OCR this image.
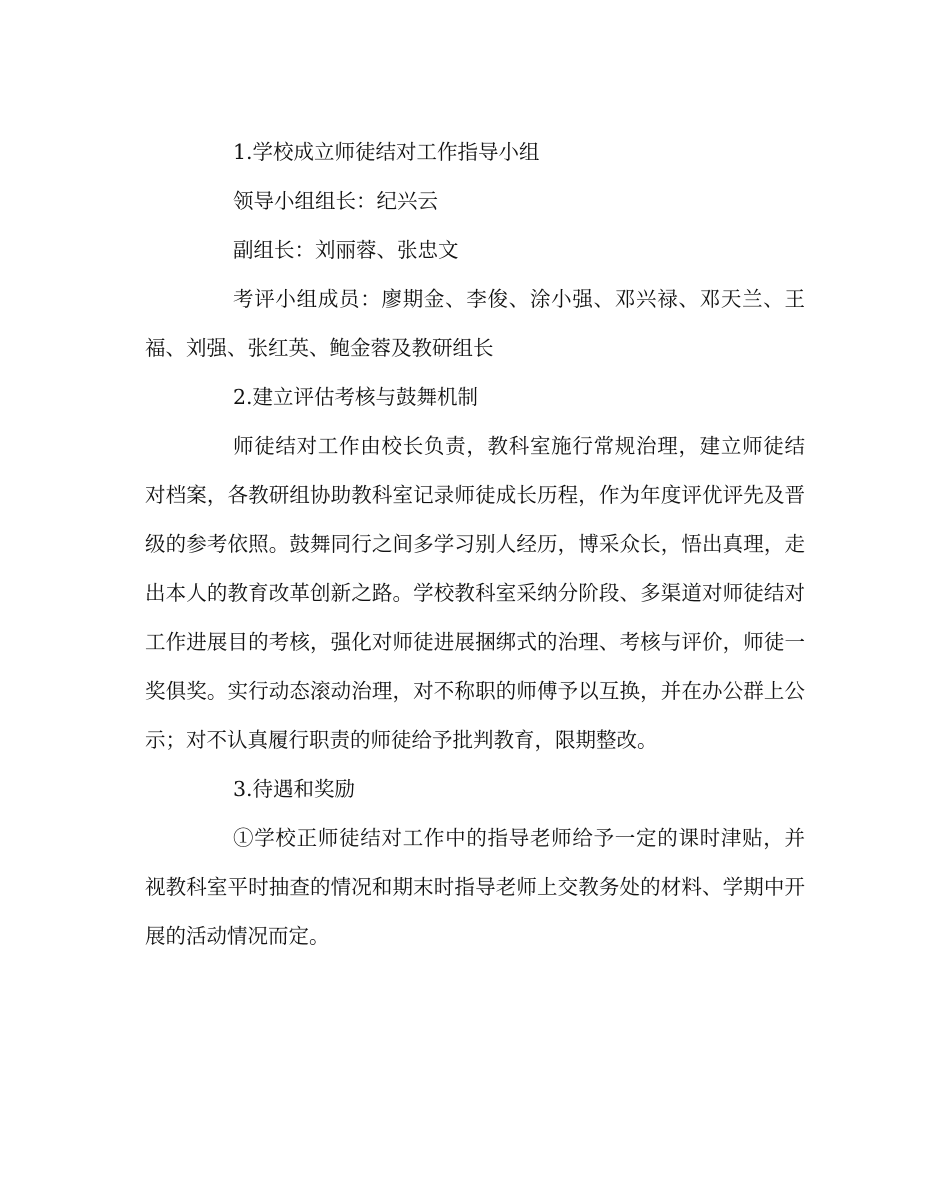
1.学校成立师徒结对工作指导小组

领导小组组长：纪兴云

副组长：刘丽蓉、张忠文

考评小组成员：廖期金、李俊、涂小强、邓兴禄、邓天兰、王福、刘强、张红英、鲍金蓉及教研组长

2.建立评估考核与鼓舞机制

师徒结对工作由校长负责，教科室施行常规治理，建立师徒结对档案，各教研组协助教科室记录师徒成长历程，作为年度评优评先及晋级的参考依照。鼓舞同行之间多学习别人经历，博采众长，悟出真理，走出本人的教育改革创新之路。学校教科室采纳分阶段、多渠道对师徒结对工作进展目的考核，强化对师徒进展捆绑式的治理、考核与评价，师徒一奖俱奖。实行动态滚动治理，对不称职的师傅予以互换，并在办公群上公示；对不认真履行职责的师徒给予批判教育，限期整改。

3.待遇和奖励

①学校正师徒结对工作中的指导老师给予一定的课时津贴，并视教科室平时抽查的情况和期末时指导老师上交教务处的材料、学期中开展的活动情况而定。
